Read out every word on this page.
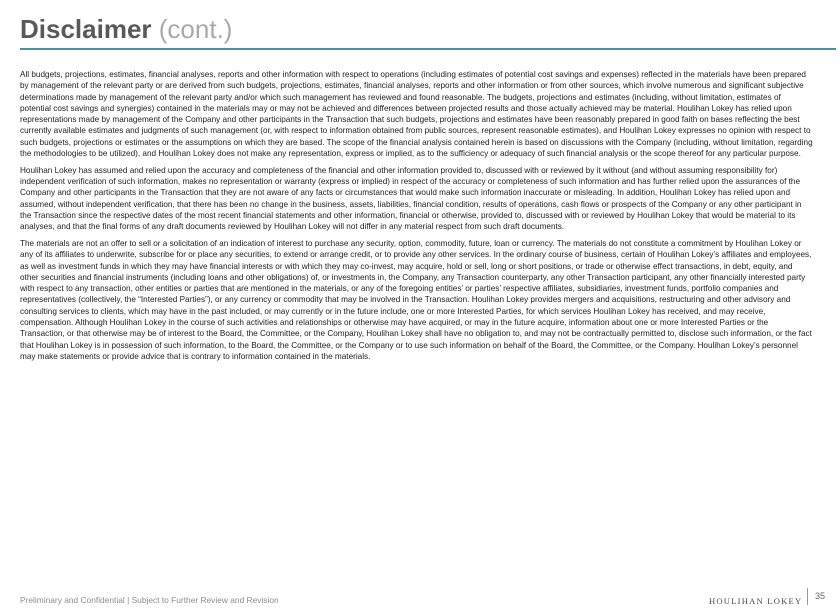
Disclaimer (cont.)

All budgets, projections, estimates, financial analyses, reports and other information with respect to operations (including estimates of potential cost savings and expenses) reflected in the materials have been prepared by management of the relevant party or are derived from such budgets, projections, estimates, financial analyses, reports and other information or from other sources, which involve numerous and significant subjective determinations made by management of the relevant party and/or which such management has reviewed and found reasonable. The budgets, projections and estimates (including, without limitation, estimates of potential cost savings and synergies) contained in the materials may or may not be achieved and differences between projected results and those actually achieved may be material. Houlihan Lokey has relied upon representations made by management of the Company and other participants in the Transaction that such budgets, projections and estimates have been reasonably prepared in good faith on bases reflecting the best currently available estimates and judgments of such management (or, with respect to information obtained from public sources, represent reasonable estimates), and Houlihan Lokey expresses no opinion with respect to such budgets, projections or estimates or the assumptions on which they are based. The scope of the financial analysis contained herein is based on discussions with the Company (including, without limitation, regarding the methodologies to be utilized), and Houlihan Lokey does not make any representation, express or implied, as to the sufficiency or adequacy of such financial analysis or the scope thereof for any particular purpose.

Houlihan Lokey has assumed and relied upon the accuracy and completeness of the financial and other information provided to, discussed with or reviewed by it without (and without assuming responsibility for) independent verification of such information, makes no representation or warranty (express or implied) in respect of the accuracy or completeness of such information and has further relied upon the assurances of the Company and other participants in the Transaction that they are not aware of any facts or circumstances that would make such information inaccurate or misleading. In addition, Houlihan Lokey has relied upon and assumed, without independent verification, that there has been no change in the business, assets, liabilities, financial condition, results of operations, cash flows or prospects of the Company or any other participant in the Transaction since the respective dates of the most recent financial statements and other information, financial or otherwise, provided to, discussed with or reviewed by Houlihan Lokey that would be material to its analyses, and that the final forms of any draft documents reviewed by Houlihan Lokey will not differ in any material respect from such draft documents.

The materials are not an offer to sell or a solicitation of an indication of interest to purchase any security, option, commodity, future, loan or currency. The materials do not constitute a commitment by Houlihan Lokey or any of its affiliates to underwrite, subscribe for or place any securities, to extend or arrange credit, or to provide any other services. In the ordinary course of business, certain of Houlihan Lokey’s affiliates and employees, as well as investment funds in which they may have financial interests or with which they may co-invest, may acquire, hold or sell, long or short positions, or trade or otherwise effect transactions, in debt, equity, and other securities and financial instruments (including loans and other obligations) of, or investments in, the Company, any Transaction counterparty, any other Transaction participant, any other financially interested party with respect to any transaction, other entities or parties that are mentioned in the materials, or any of the foregoing entities’ or parties’ respective affiliates, subsidiaries, investment funds, portfolio companies and representatives (collectively, the “Interested Parties”), or any currency or commodity that may be involved in the Transaction. Houlihan Lokey provides mergers and acquisitions, restructuring and other advisory and consulting services to clients, which may have in the past included, or may currently or in the future include, one or more Interested Parties, for which services Houlihan Lokey has received, and may receive, compensation. Although Houlihan Lokey in the course of such activities and relationships or otherwise may have acquired, or may in the future acquire, information about one or more Interested Parties or the Transaction, or that otherwise may be of interest to the Board, the Committee, or the Company, Houlihan Lokey shall have no obligation to, and may not be contractually permitted to, disclose such information, or the fact that Houlihan Lokey is in possession of such information, to the Board, the Committee, or the Company or to use such information on behalf of the Board, the Committee, or the Company. Houlihan Lokey’s personnel may make statements or provide advice that is contrary to information contained in the materials.

Preliminary and Confidential | Subject to Further Review and Revision	HOULIHAN LOKEY 35
